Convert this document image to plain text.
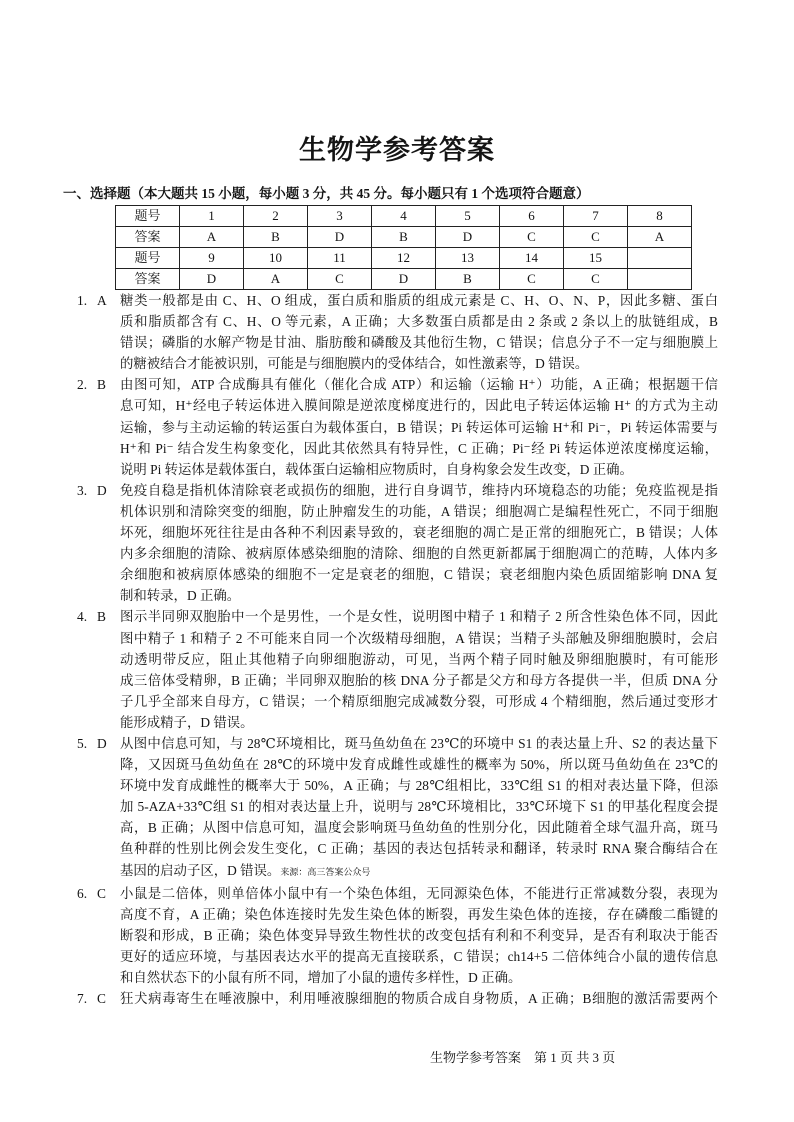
生物学参考答案
一、选择题（本大题共 15 小题，每小题 3 分，共 45 分。每小题只有 1 个选项符合题意）
题号	1	2	3	4	5	6	7	8
答案	A	B	D	B	D	C	C	A
题号	9	10	11	12	13	14	15	
答案	D	A	C	D	B	C	C	
1. A 糖类一般都是由 C、H、O 组成，蛋白质和脂质的组成元素是 C、H、O、N、P，因此多糖、蛋白
质和脂质都含有 C、H、O 等元素，A 正确；大多数蛋白质都是由 2 条或 2 条以上的肽链组成，B
错误；磷脂的水解产物是甘油、脂肪酸和磷酸及其他衍生物，C 错误；信息分子不一定与细胞膜上
的糖被结合才能被识别，可能是与细胞膜内的受体结合，如性激素等，D 错误。
2. B 由图可知，ATP 合成酶具有催化（催化合成 ATP）和运输（运输 H⁺）功能，A 正确；根据题干信
息可知，H⁺经电子转运体进入膜间隙是逆浓度梯度进行的，因此电子转运体运输 H⁺ 的方式为主动
运输，参与主动运输的转运蛋白为载体蛋白，B 错误；Pi 转运体可运输 H⁺和 Pi⁻，Pi 转运体需要与
H⁺和 Pi⁻ 结合发生构象变化，因此其依然具有特异性，C 正确；Pi⁻经 Pi 转运体逆浓度梯度运输，
说明 Pi 转运体是载体蛋白，载体蛋白运输相应物质时，自身构象会发生改变，D 正确。
3. D 免疫自稳是指机体清除衰老或损伤的细胞，进行自身调节，维持内环境稳态的功能；免疫监视是指
机体识别和清除突变的细胞，防止肿瘤发生的功能，A 错误；细胞凋亡是编程性死亡，不同于细胞
坏死，细胞坏死往往是由各种不利因素导致的，衰老细胞的凋亡是正常的细胞死亡，B 错误；人体
内多余细胞的清除、被病原体感染细胞的清除、细胞的自然更新都属于细胞凋亡的范畴，人体内多
余细胞和被病原体感染的细胞不一定是衰老的细胞，C 错误；衰老细胞内染色质固缩影响 DNA 复
制和转录，D 正确。
4. B 图示半同卵双胞胎中一个是男性，一个是女性，说明图中精子 1 和精子 2 所含性染色体不同，因此
图中精子 1 和精子 2 不可能来自同一个次级精母细胞，A 错误；当精子头部触及卵细胞膜时，会启
动透明带反应，阻止其他精子向卵细胞游动，可见，当两个精子同时触及卵细胞膜时，有可能形
成三倍体受精卵，B 正确；半同卵双胞胎的核 DNA 分子都是父方和母方各提供一半，但质 DNA 分
子几乎全部来自母方，C 错误；一个精原细胞完成减数分裂，可形成 4 个精细胞，然后通过变形才
能形成精子，D 错误。
5. D 从图中信息可知，与 28℃环境相比，斑马鱼幼鱼在 23℃的环境中 S1 的表达量上升、S2 的表达量下
降，又因斑马鱼幼鱼在 28℃的环境中发育成雌性或雄性的概率为 50%，所以斑马鱼幼鱼在 23℃的
环境中发育成雌性的概率大于 50%，A 正确；与 28℃组相比，33℃组 S1 的相对表达量下降，但添
加 5-AZA+33℃组 S1 的相对表达量上升，说明与 28℃环境相比，33℃环境下 S1 的甲基化程度会提
高，B 正确；从图中信息可知，温度会影响斑马鱼幼鱼的性别分化，因此随着全球气温升高，斑马
鱼种群的性别比例会发生变化，C 正确；基因的表达包括转录和翻译，转录时 RNA 聚合酶结合在
基因的启动子区，D 错误。来源：高三答案公众号
6. C 小鼠是二倍体，则单倍体小鼠中有一个染色体组，无同源染色体，不能进行正常减数分裂，表现为
高度不育，A 正确；染色体连接时先发生染色体的断裂，再发生染色体的连接，存在磷酸二酯键的
断裂和形成，B 正确；染色体变异导致生物性状的改变包括有利和不利变异，是否有利取决于能否
更好的适应环境，与基因表达水平的提高无直接联系，C 错误；ch14+5 二倍体纯合小鼠的遗传信息
和自然状态下的小鼠有所不同，增加了小鼠的遗传多样性，D 正确。
7. C 狂犬病毒寄生在唾液腺中，利用唾液腺细胞的物质合成自身物质，A 正确；B细胞的激活需要两个
生物学参考答案　第 1 页 共 3 页
